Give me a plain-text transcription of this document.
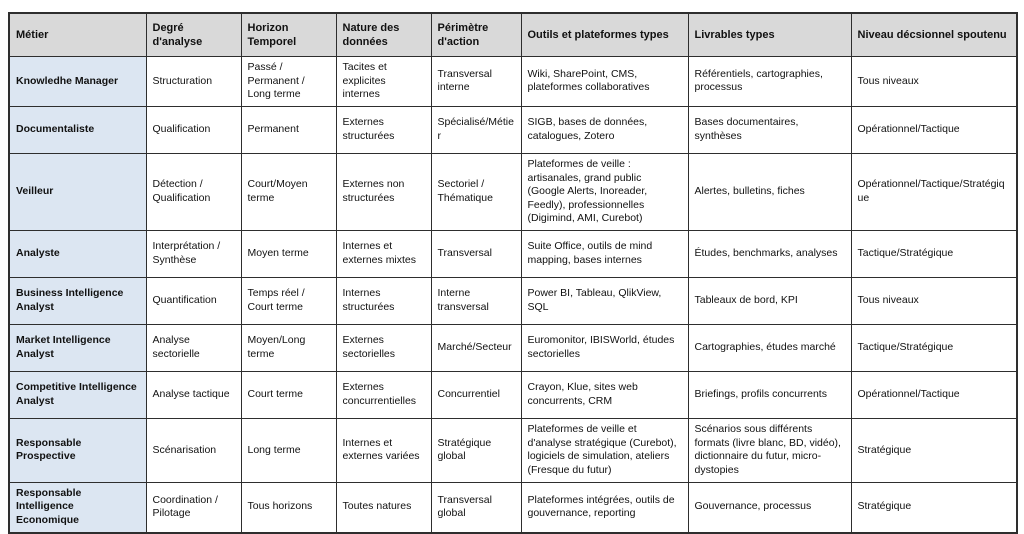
Métier	Degré d'analyse	Horizon Temporel	Nature des données	Périmètre d'action	Outils et plateformes types	Livrables types	Niveau décsionnel spoutenu
Knowledhe Manager	Structuration	Passé / Permanent / Long terme	Tacites et explicites internes	Transversal interne	Wiki, SharePoint, CMS, plateformes collaboratives	Référentiels, cartographies, processus	Tous niveaux
Documentaliste	Qualification	Permanent	Externes structurées	Spécialisé/Métier	SIGB, bases de données, catalogues, Zotero	Bases documentaires, synthèses	Opérationnel/Tactique
Veilleur	Détection / Qualification	Court/Moyen terme	Externes non structurées	Sectoriel / Thématique	Plateformes de veille : artisanales, grand public (Google Alerts, Inoreader, Feedly), professionnelles (Digimind, AMI, Curebot)	Alertes, bulletins, fiches	Opérationnel/Tactique/Stratégique
Analyste	Interprétation / Synthèse	Moyen terme	Internes et externes mixtes	Transversal	Suite Office, outils de mind mapping, bases internes	Études, benchmarks, analyses	Tactique/Stratégique
Business Intelligence Analyst	Quantification	Temps réel / Court terme	Internes structurées	Interne transversal	Power BI, Tableau, QlikView, SQL	Tableaux de bord, KPI	Tous niveaux
Market Intelligence Analyst	Analyse sectorielle	Moyen/Long terme	Externes sectorielles	Marché/Secteur	Euromonitor, IBISWorld, études sectorielles	Cartographies, études marché	Tactique/Stratégique
Competitive Intelligence Analyst	Analyse tactique	Court terme	Externes concurrentielles	Concurrentiel	Crayon, Klue, sites web concurrents, CRM	Briefings, profils concurrents	Opérationnel/Tactique
Responsable Prospective	Scénarisation	Long terme	Internes et externes variées	Stratégique global	Plateformes de veille et d'analyse stratégique (Curebot), logiciels de simulation, ateliers (Fresque du futur)	Scénarios sous différents formats (livre blanc, BD, vidéo), dictionnaire du futur, micro-dystopies	Stratégique
Responsable Intelligence Economique	Coordination / Pilotage	Tous horizons	Toutes natures	Transversal global	Plateformes intégrées, outils de gouvernance, reporting	Gouvernance, processus	Stratégique
